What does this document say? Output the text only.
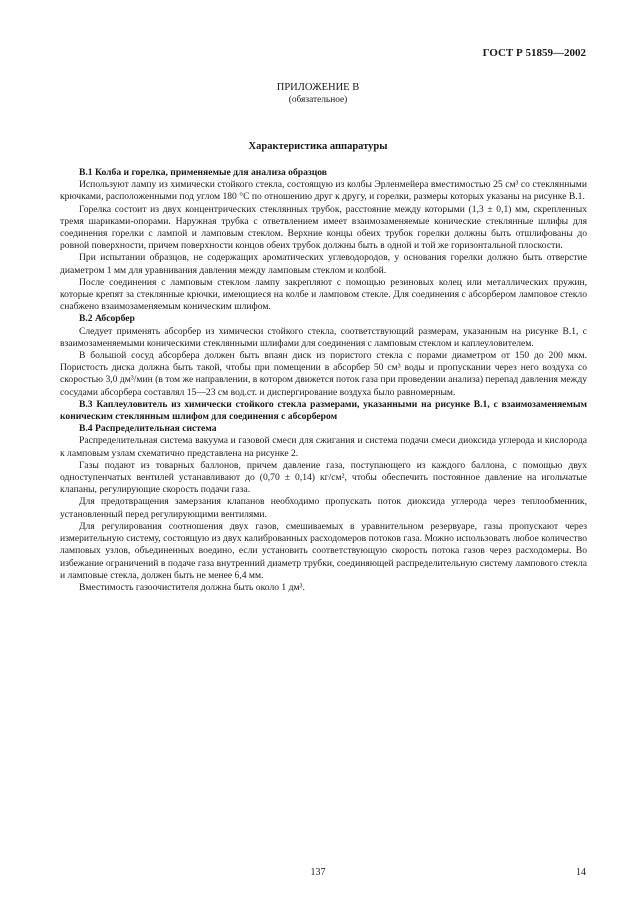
ГОСТ Р 51859—2002
ПРИЛОЖЕНИЕ В
(обязательное)
Характеристика аппаратуры

В.1 Колба и горелка, применяемые для анализа образцов

Используют лампу из химически стойкого стекла, состоящую из колбы Эрленмейера вместимостью 25 см³ со стеклянными крючками, расположенными под углом 180 °С по отношению друг к другу, и горелки, размеры которых указаны на рисунке В.1.

Горелка состоит из двух концентрических стеклянных трубок, расстояние между которыми (1,3 ± 0,1) мм, скрепленных тремя шариками-опорами. Наружная трубка с ответвлением имеет взаимозаменяемые конические стеклянные шлифы для соединения горелки с лампой и ламповым стеклом. Верхние концы обеих трубок горелки должны быть отшлифованы до ровной поверхности, причем поверхности концов обеих трубок должны быть в одной и той же горизонтальной плоскости.

При испытании образцов, не содержащих ароматических углеводородов, у основания горелки должно быть отверстие диаметром 1 мм для уравнивания давления между ламповым стеклом и колбой.

После соединения с ламповым стеклом лампу закрепляют с помощью резиновых колец или металлических пружин, которые крепят за стеклянные крючки, имеющиеся на колбе и ламповом стекле. Для соединения с абсорбером ламповое стекло снабжено взаимозаменяемым коническим шлифом.

В.2 Абсорбер

Следует применять абсорбер из химически стойкого стекла, соответствующий размерам, указанным на рисунке В.1, с взаимозаменяемыми коническими стеклянными шлифами для соединения с ламповым стеклом и каплеуловителем.

В большой сосуд абсорбера должен быть впаян диск из пористого стекла с порами диаметром от 150 до 200 мкм. Пористость диска должна быть такой, чтобы при помещении в абсорбер 50 см³ воды и пропускании через него воздуха со скоростью 3,0 дм³/мин (в том же направлении, в котором движется поток газа при проведении анализа) перепад давления между сосудами абсорбера составлял 15—23 см вод.ст. и диспергирование воздуха было равномерным.

В.3 Каплеуловитель из химически стойкого стекла размерами, указанными на рисунке В.1, с взаимозаменяемым коническим стеклянным шлифом для соединения с абсорбером

В.4 Распределительная система

Распределительная система вакуума и газовой смеси для сжигания и система подачи смеси диоксида углерода и кислорода к ламповым узлам схематично представлена на рисунке 2.

Газы подают из товарных баллонов, причем давление газа, поступающего из каждого баллона, с помощью двух одноступенчатых вентилей устанавливают до (0,70 ± 0,14) кг/см², чтобы обеспечить постоянное давление на игольчатые клапаны, регулирующие скорость подачи газа.

Для предотвращения замерзания клапанов необходимо пропускать поток диоксида углерода через теплообменник, установленный перед регулирующими вентилями.

Для регулирования соотношения двух газов, смешиваемых в уравнительном резервуаре, газы пропускают через измерительную систему, состоящую из двух калиброванных расходомеров потоков газа. Можно использовать любое количество ламповых узлов, объединенных воедино, если установить соответствующую скорость потока газов через расходомеры. Во избежание ограничений в подаче газа внутренний диаметр трубки, соединяющей распределительную систему лампового стекла и ламповые стекла, должен быть не менее 6,4 мм.

Вместимость газоочистителя должна быть около 1 дм³.

137	14
